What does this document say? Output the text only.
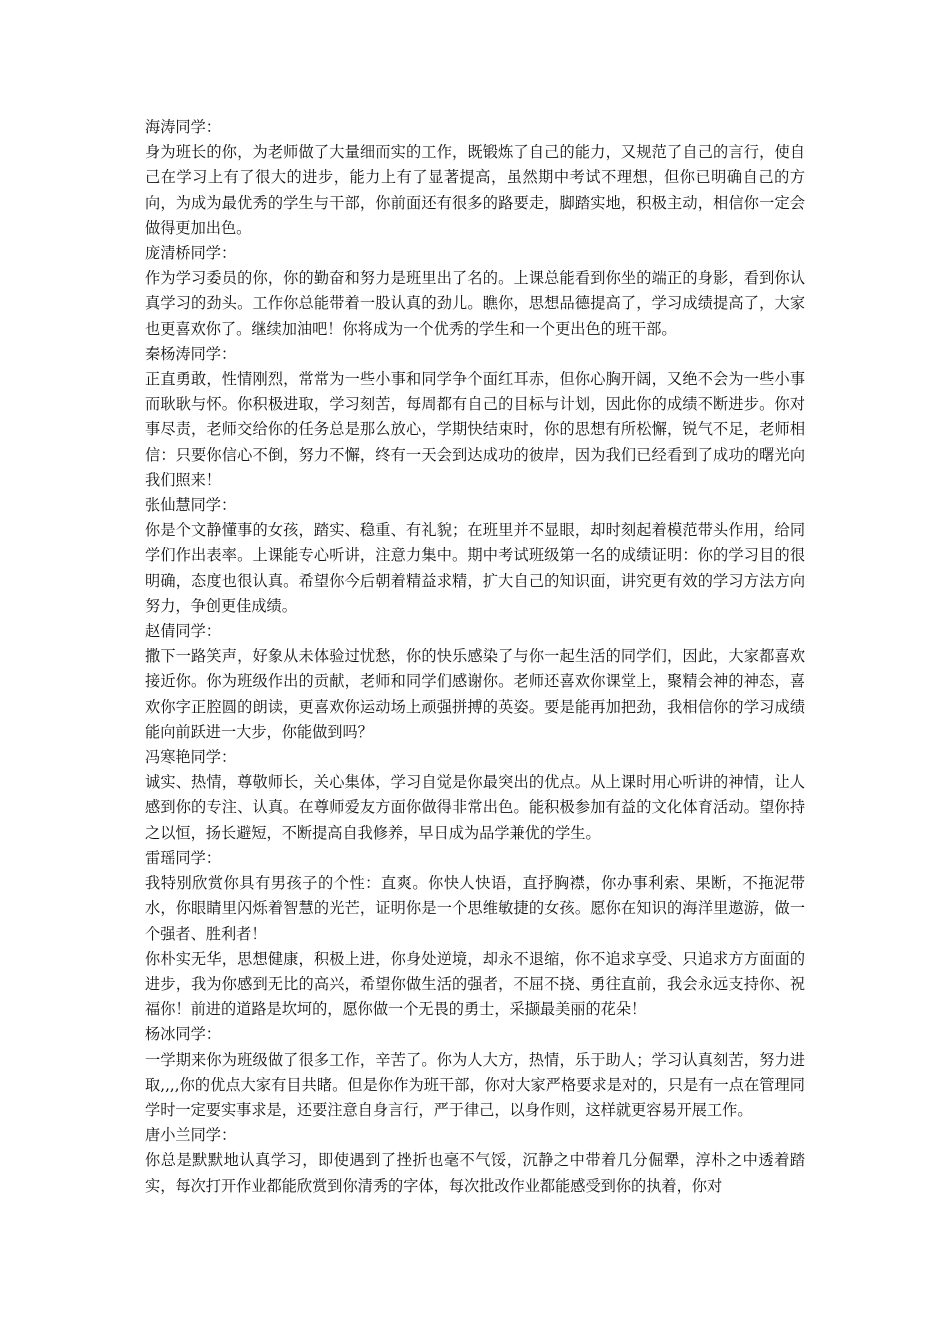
海涛同学：

身为班长的你，为老师做了大量细而实的工作，既锻炼了自己的能力，又规范了自己的言行，使自己在学习上有了很大的进步，能力上有了显著提高，虽然期中考试不理想，但你已明确自己的方向，为成为最优秀的学生与干部，你前面还有很多的路要走，脚踏实地，积极主动，相信你一定会做得更加出色。

庞清桥同学：

作为学习委员的你，你的勤奋和努力是班里出了名的。上课总能看到你坐的端正的身影，看到你认真学习的劲头。工作你总能带着一股认真的劲儿。瞧你，思想品德提高了，学习成绩提高了，大家也更喜欢你了。继续加油吧！你将成为一个优秀的学生和一个更出色的班干部。

秦杨涛同学：

正直勇敢，性情刚烈，常常为一些小事和同学争个面红耳赤，但你心胸开阔，又绝不会为一些小事而耿耿与怀。你积极进取，学习刻苦，每周都有自己的目标与计划，因此你的成绩不断进步。你对事尽责，老师交给你的任务总是那么放心，学期快结束时，你的思想有所松懈，锐气不足，老师相信：只要你信心不倒，努力不懈，终有一天会到达成功的彼岸，因为我们已经看到了成功的曙光向我们照来！

张仙慧同学：

你是个文静懂事的女孩，踏实、稳重、有礼貌；在班里并不显眼，却时刻起着模范带头作用，给同学们作出表率。上课能专心听讲，注意力集中。期中考试班级第一名的成绩证明：你的学习目的很明确，态度也很认真。希望你今后朝着精益求精，扩大自己的知识面，讲究更有效的学习方法方向努力，争创更佳成绩。

赵倩同学：

撒下一路笑声，好象从未体验过忧愁，你的快乐感染了与你一起生活的同学们，因此，大家都喜欢接近你。你为班级作出的贡献，老师和同学们感谢你。老师还喜欢你课堂上，聚精会神的神态，喜欢你字正腔圆的朗读，更喜欢你运动场上顽强拼搏的英姿。要是能再加把劲，我相信你的学习成绩能向前跃进一大步，你能做到吗？

冯寒艳同学：

诚实、热情，尊敬师长，关心集体，学习自觉是你最突出的优点。从上课时用心听讲的神情，让人感到你的专注、认真。在尊师爱友方面你做得非常出色。能积极参加有益的文化体育活动。望你持之以恒，扬长避短，不断提高自我修养，早日成为品学兼优的学生。

雷瑶同学：

我特别欣赏你具有男孩子的个性：直爽。你快人快语，直抒胸襟，你办事利索、果断，不拖泥带水，你眼睛里闪烁着智慧的光芒，证明你是一个思维敏捷的女孩。愿你在知识的海洋里遨游，做一个强者、胜利者！

你朴实无华，思想健康，积极上进，你身处逆境，却永不退缩，你不追求享受、只追求方方面面的进步，我为你感到无比的高兴，希望你做生活的强者，不屈不挠、勇往直前，我会永远支持你、祝福你！前进的道路是坎坷的，愿你做一个无畏的勇士，采撷最美丽的花朵！

杨冰同学：

一学期来你为班级做了很多工作，辛苦了。你为人大方，热情，乐于助人；学习认真刻苦，努力进取,,,,你的优点大家有目共睹。但是你作为班干部，你对大家严格要求是对的，只是有一点在管理同学时一定要实事求是，还要注意自身言行，严于律己，以身作则，这样就更容易开展工作。

唐小兰同学：

你总是默默地认真学习，即使遇到了挫折也毫不气馁，沉静之中带着几分倔犟，淳朴之中透着踏实，每次打开作业都能欣赏到你清秀的字体，每次批改作业都能感受到你的执着，你对
